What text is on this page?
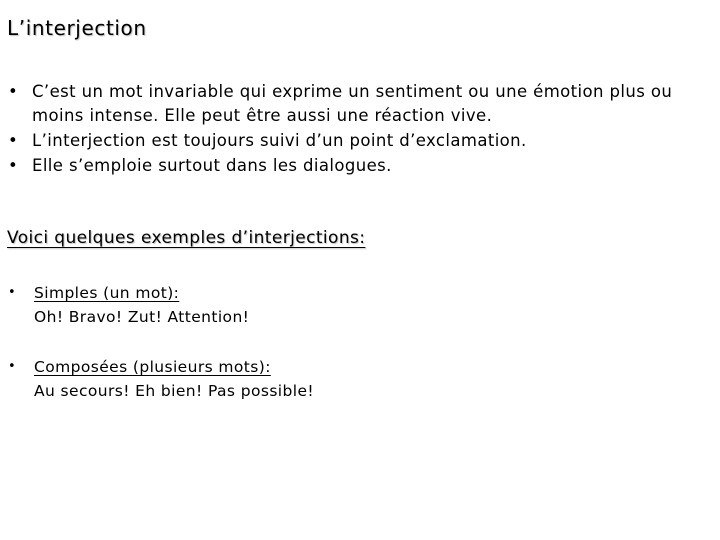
L’interjection
• C’est un mot invariable qui exprime un sentiment ou une émotion plus ou moins intense. Elle peut être aussi une réaction vive.
• L’interjection est toujours suivi d’un point d’exclamation.
• Elle s’emploie surtout dans les dialogues.
Voici quelques exemples d’interjections:
• Simples (un mot):
Oh! Bravo! Zut! Attention!
• Composées (plusieurs mots):
Au secours! Eh bien! Pas possible!
